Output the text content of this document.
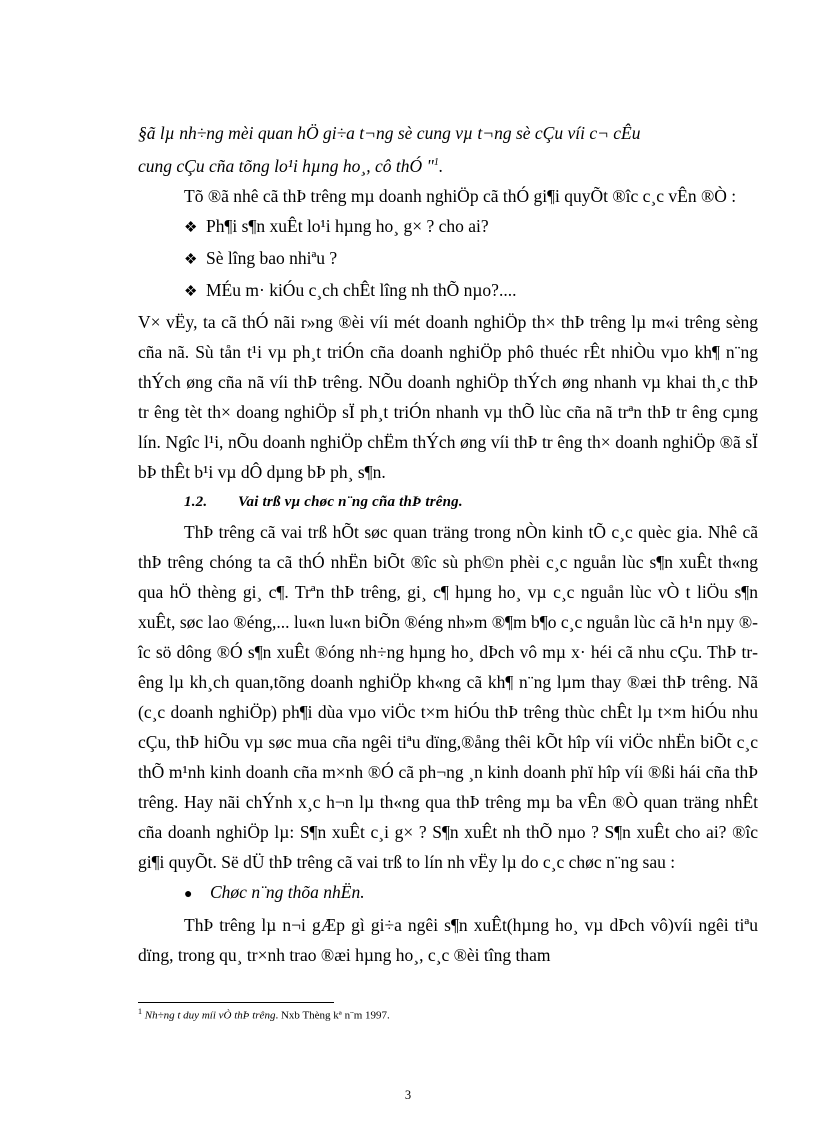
§ã lµ nh÷ng mèi quan hÖ gi÷a t¬ng sè cung vµ t¬ng sè cÇu víi c¬ cÊu
cung cÇu cña tõng lo¹i hµng ho¸, cô thÓ "$^1$.

Tõ ®ã nhê cã thÞ trêng mµ doanh nghiÖp cã thÓ gi¶i quyÕt ®îc c¸c vÊn ®Ò :

❖ Ph¶i s¶n xuÊt lo¹i hµng ho¸ g× ? cho ai?
❖ Sè lîng bao nhiªu ?
❖ MÉu m· kiÓu c¸ch chÊt lîng nh thÕ nµo?....

V× vËy, ta cã thÓ nãi r»ng ®èi víi mét doanh nghiÖp th× thÞ trêng lµ m«i trêng sèng cña nã. Sù tån t¹i vµ ph¸t triÓn cña doanh nghiÖp phô thuéc rÊt nhiÒu vµo kh¶ n¨ng thÝch øng cña nã víi thÞ trêng. NÕu doanh nghiÖp thÝch øng nhanh vµ khai th¸c thÞ tr êng tèt th× doang nghiÖp sÏ ph¸t triÓn nhanh vµ thÕ lùc cña nã trªn thÞ tr êng cµng lín. Ngîc l¹i, nÕu doanh nghiÖp chËm thÝch øng víi thÞ tr êng th× doanh nghiÖp ®ã sÏ bÞ thÊt b¹i vµ dÔ dµng bÞ ph¸ s¶n.

1.2. Vai trß vµ chøc n¨ng cña thÞ trêng.

ThÞ trêng cã vai trß hÕt søc quan träng trong nÒn kinh tÕ c¸c quèc gia. Nhê cã thÞ trêng chóng ta cã thÓ nhËn biÕt ®îc sù ph©n phèi c¸c nguån lùc s¶n xuÊt th«ng qua hÖ thèng gi¸ c¶. Trªn thÞ trêng, gi¸ c¶ hµng ho¸ vµ c¸c nguån lùc vÒ t liÖu s¶n xuÊt, søc lao ®éng,... lu«n lu«n biÕn ®éng nh»m ®¶m b¶o c¸c nguån lùc cã h¹n nµy ®îc sö dông ®Ó s¶n xuÊt ®óng nh÷ng hµng ho¸ dÞch vô mµ x· héi cã nhu cÇu. ThÞ trêng lµ kh¸ch quan,tõng doanh nghiÖp kh«ng cã kh¶ n¨ng lµm thay ®æi thÞ trêng. Nã (c¸c doanh nghiÖp) ph¶i dùa vµo viÖc t×m hiÓu thÞ trêng thùc chÊt lµ t×m hiÓu nhu cÇu, thÞ hiÕu vµ søc mua cña ngêi tiªu dïng,®ång thêi kÕt hîp víi viÖc nhËn biÕt c¸c thÕ m¹nh kinh doanh cña m×nh ®Ó cã ph¬ng ¸n kinh doanh phï hîp víi ®ßi hái cña thÞ trêng. Hay nãi chÝnh x¸c h¬n lµ th«ng qua thÞ trêng mµ ba vÊn ®Ò quan träng nhÊt cña doanh nghiÖp lµ: S¶n xuÊt c¸i g× ? S¶n xuÊt nh thÕ nµo ? S¶n xuÊt cho ai? ®îc gi¶i quyÕt. Së dÜ thÞ trêng cã vai trß to lín nh vËy lµ do c¸c chøc n¨ng sau :

●	Chøc n¨ng thõa nhËn.

ThÞ trêng lµ n¬i gÆp gì gi÷a ngêi s¶n xuÊt(hµng ho¸ vµ dÞch vô)víi ngêi tiªu dïng, trong qu¸ tr×nh trao ®æi hµng ho¸, c¸c ®èi tîng tham

$^1$ Nh÷ng t duy míi vÒ thÞ trêng. Nxb Thèng kª n¨m 1997.
3
